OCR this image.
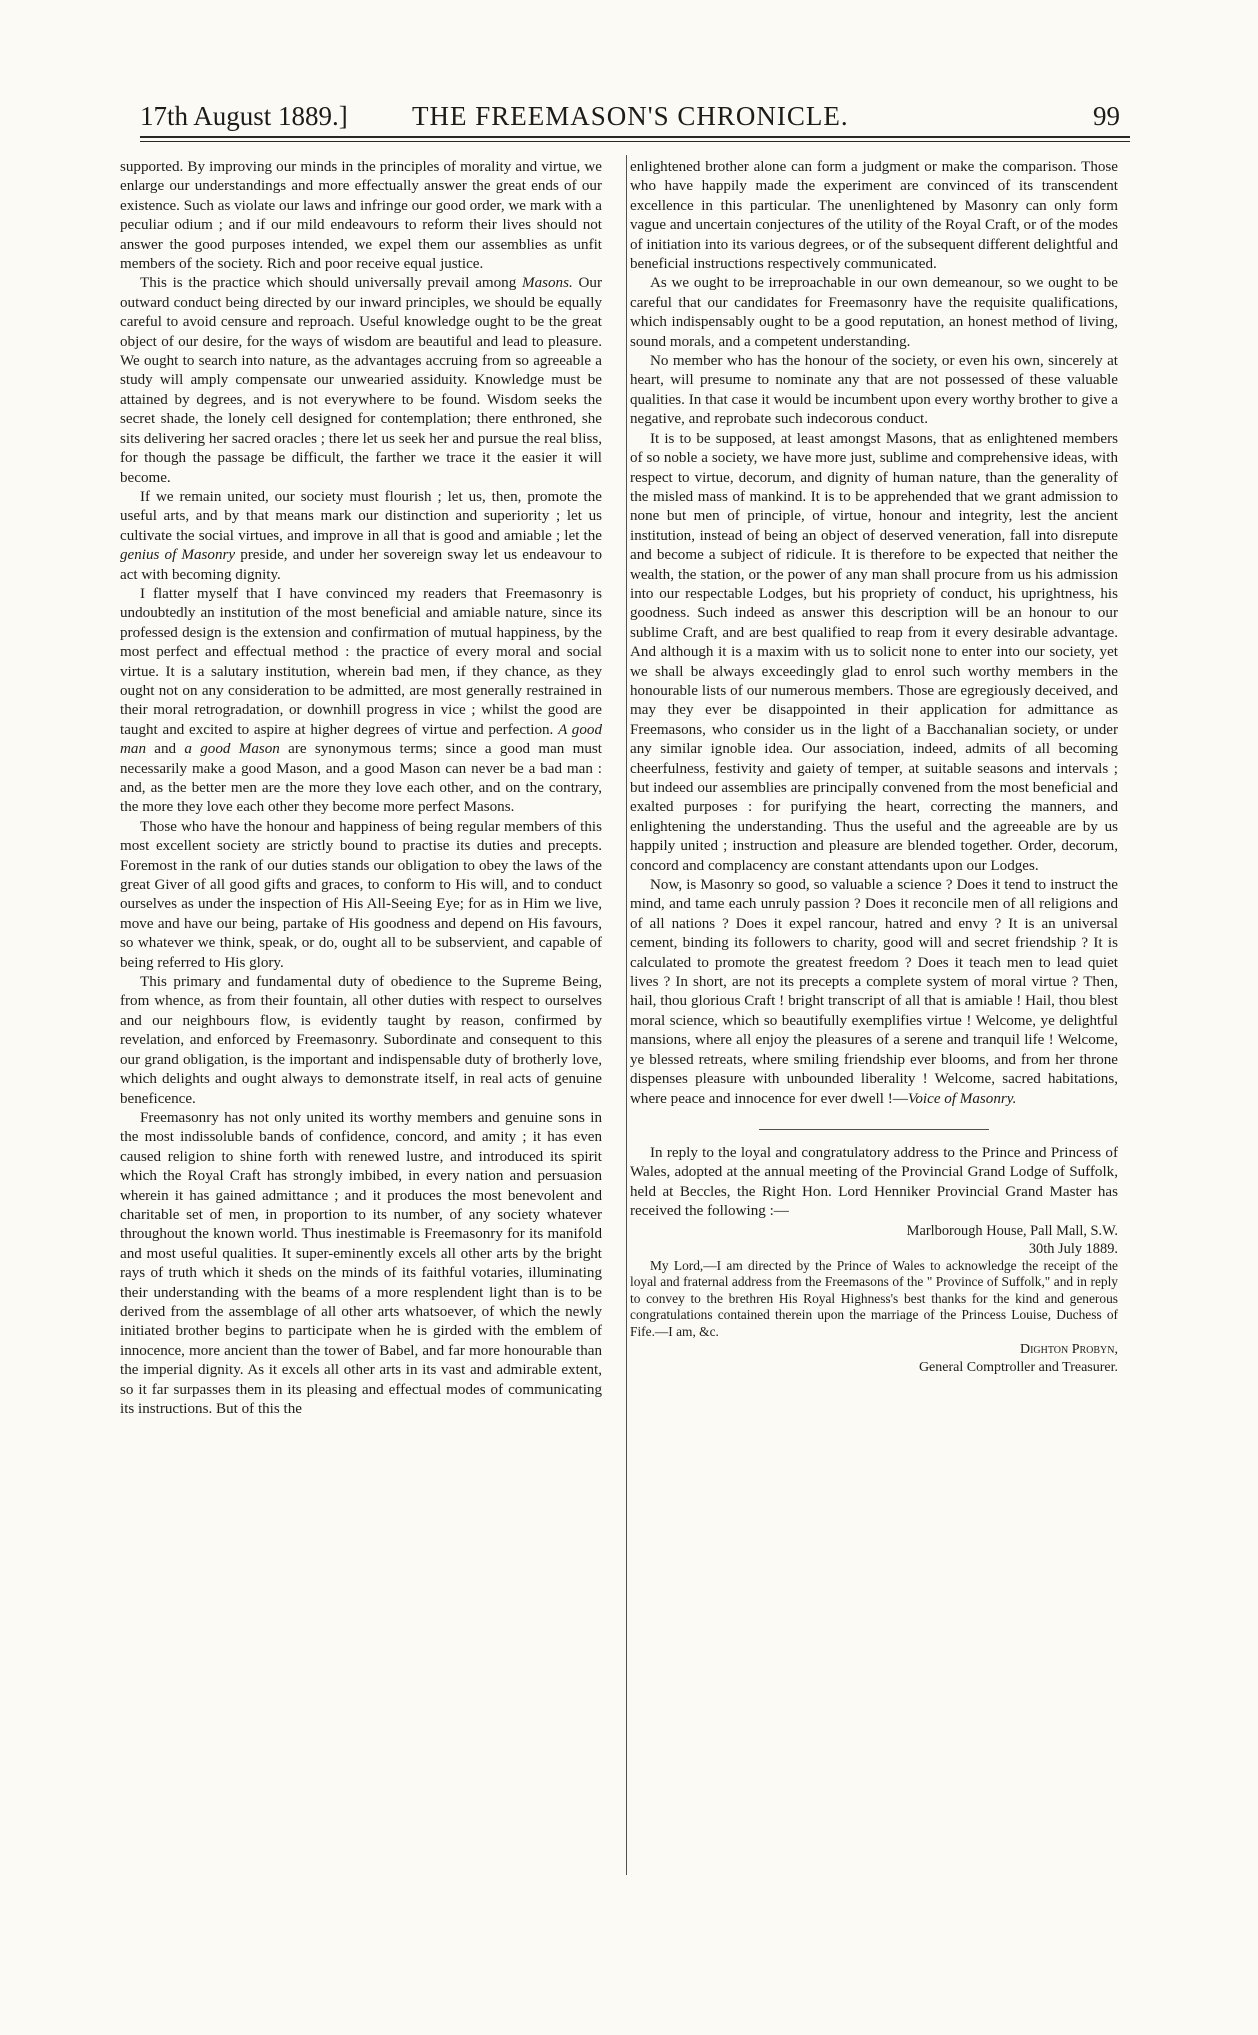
17th August 1889.] THE FREEMASON'S CHRONICLE.	99

supported. By improving our minds in the principles of morality and virtue, we enlarge our understandings and more effectually answer the great ends of our existence. Such as violate our laws and infringe our good order, we mark with a peculiar odium ; and if our mild endeavours to reform their lives should not answer the good purposes intended, we expel them our assemblies as unfit members of the society. Rich and poor receive equal justice.

This is the practice which should universally prevail among Masons. Our outward conduct being directed by our inward principles, we should be equally careful to avoid censure and reproach. Useful knowledge ought to be the great object of our desire, for the ways of wisdom are beautiful and lead to pleasure. We ought to search into nature, as the advantages accruing from so agreeable a study will amply compensate our unwearied assiduity. Knowledge must be attained by degrees, and is not everywhere to be found. Wisdom seeks the secret shade, the lonely cell designed for contemplation; there enthroned, she sits delivering her sacred oracles ; there let us seek her and pursue the real bliss, for though the passage be difficult, the farther we trace it the easier it will become.

If we remain united, our society must flourish ; let us, then, promote the useful arts, and by that means mark our distinction and superiority ; let us cultivate the social virtues, and improve in all that is good and amiable ; let the genius of Masonry preside, and under her sovereign sway let us endeavour to act with becoming dignity.

I flatter myself that I have convinced my readers that Freemasonry is undoubtedly an institution of the most beneficial and amiable nature, since its professed design is the extension and confirmation of mutual happiness, by the most perfect and effectual method : the practice of every moral and social virtue. It is a salutary institution, wherein bad men, if they chance, as they ought not on any consideration to be admitted, are most generally restrained in their moral retrogradation, or downhill progress in vice ; whilst the good are taught and excited to aspire at higher degrees of virtue and perfection. A good man and a good Mason are synonymous terms; since a good man must necessarily make a good Mason, and a good Mason can never be a bad man : and, as the better men are the more they love each other, and on the contrary, the more they love each other they become more perfect Masons.

Those who have the honour and happiness of being regular members of this most excellent society are strictly bound to practise its duties and precepts. Foremost in the rank of our duties stands our obligation to obey the laws of the great Giver of all good gifts and graces, to conform to His will, and to conduct ourselves as under the inspection of His All-Seeing Eye; for as in Him we live, move and have our being, partake of His goodness and depend on His favours, so whatever we think, speak, or do, ought all to be subservient, and capable of being referred to His glory.

This primary and fundamental duty of obedience to the Supreme Being, from whence, as from their fountain, all other duties with respect to ourselves and our neighbours flow, is evidently taught by reason, confirmed by revelation, and enforced by Freemasonry. Subordinate and consequent to this our grand obligation, is the important and indispensable duty of brotherly love, which delights and ought always to demonstrate itself, in real acts of genuine beneficence.

Freemasonry has not only united its worthy members and genuine sons in the most indissoluble bands of confidence, concord, and amity ; it has even caused religion to shine forth with renewed lustre, and introduced its spirit which the Royal Craft has strongly imbibed, in every nation and persuasion wherein it has gained admittance ; and it produces the most benevolent and charitable set of men, in proportion to its number, of any society whatever throughout the known world. Thus inestimable is Freemasonry for its manifold and most useful qualities. It super-eminently excels all other arts by the bright rays of truth which it sheds on the minds of its faithful votaries, illuminating their understanding with the beams of a more resplendent light than is to be derived from the assemblage of all other arts whatsoever, of which the newly initiated brother begins to participate when he is girded with the emblem of innocence, more ancient than the tower of Babel, and far more honourable than the imperial dignity. As it excels all other arts in its vast and admirable extent, so it far surpasses them in its pleasing and effectual modes of communicating its instructions. But of this the

enlightened brother alone can form a judgment or make the comparison. Those who have happily made the experiment are convinced of its transcendent excellence in this particular. The unenlightened by Masonry can only form vague and uncertain conjectures of the utility of the Royal Craft, or of the modes of initiation into its various degrees, or of the subsequent different delightful and beneficial instructions respectively communicated.

As we ought to be irreproachable in our own demeanour, so we ought to be careful that our candidates for Freemasonry have the requisite qualifications, which indispensably ought to be a good reputation, an honest method of living, sound morals, and a competent understanding.

No member who has the honour of the society, or even his own, sincerely at heart, will presume to nominate any that are not possessed of these valuable qualities. In that case it would be incumbent upon every worthy brother to give a negative, and reprobate such indecorous conduct.

It is to be supposed, at least amongst Masons, that as enlightened members of so noble a society, we have more just, sublime and comprehensive ideas, with respect to virtue, decorum, and dignity of human nature, than the generality of the misled mass of mankind. It is to be apprehended that we grant admission to none but men of principle, of virtue, honour and integrity, lest the ancient institution, instead of being an object of deserved veneration, fall into disrepute and become a subject of ridicule. It is therefore to be expected that neither the wealth, the station, or the power of any man shall procure from us his admission into our respectable Lodges, but his propriety of conduct, his uprightness, his goodness. Such indeed as answer this description will be an honour to our sublime Craft, and are best qualified to reap from it every desirable advantage. And although it is a maxim with us to solicit none to enter into our society, yet we shall be always exceedingly glad to enrol such worthy members in the honourable lists of our numerous members. Those are egregiously deceived, and may they ever be disappointed in their application for admittance as Freemasons, who consider us in the light of a Bacchanalian society, or under any similar ignoble idea. Our association, indeed, admits of all becoming cheerfulness, festivity and gaiety of temper, at suitable seasons and intervals ; but indeed our assemblies are principally convened from the most beneficial and exalted purposes : for purifying the heart, correcting the manners, and enlightening the understanding. Thus the useful and the agreeable are by us happily united ; instruction and pleasure are blended together. Order, decorum, concord and complacency are constant attendants upon our Lodges.

Now, is Masonry so good, so valuable a science ? Does it tend to instruct the mind, and tame each unruly passion ? Does it reconcile men of all religions and of all nations ? Does it expel rancour, hatred and envy ? It is an universal cement, binding its followers to charity, good will and secret friendship ? It is calculated to promote the greatest freedom ? Does it teach men to lead quiet lives ? In short, are not its precepts a complete system of moral virtue ? Then, hail, thou glorious Craft ! bright transcript of all that is amiable ! Hail, thou blest moral science, which so beautifully exemplifies virtue ! Welcome, ye delightful mansions, where all enjoy the pleasures of a serene and tranquil life ! Welcome, ye blessed retreats, where smiling friendship ever blooms, and from her throne dispenses pleasure with unbounded liberality ! Welcome, sacred habitations, where peace and innocence for ever dwell !—Voice of Masonry.

In reply to the loyal and congratulatory address to the Prince and Princess of Wales, adopted at the annual meeting of the Provincial Grand Lodge of Suffolk, held at Beccles, the Right Hon. Lord Henniker Provincial Grand Master has received the following :—

Marlborough House, Pall Mall, S.W.

30th July 1889.

My Lord,—I am directed by the Prince of Wales to acknowledge the receipt of the loyal and fraternal address from the Freemasons of the " Province of Suffolk," and in reply to convey to the brethren His Royal Highness's best thanks for the kind and generous congratulations contained therein upon the marriage of the Princess Louise, Duchess of Fife.—I am, &c.

Dighton Probyn,

General Comptroller and Treasurer.
